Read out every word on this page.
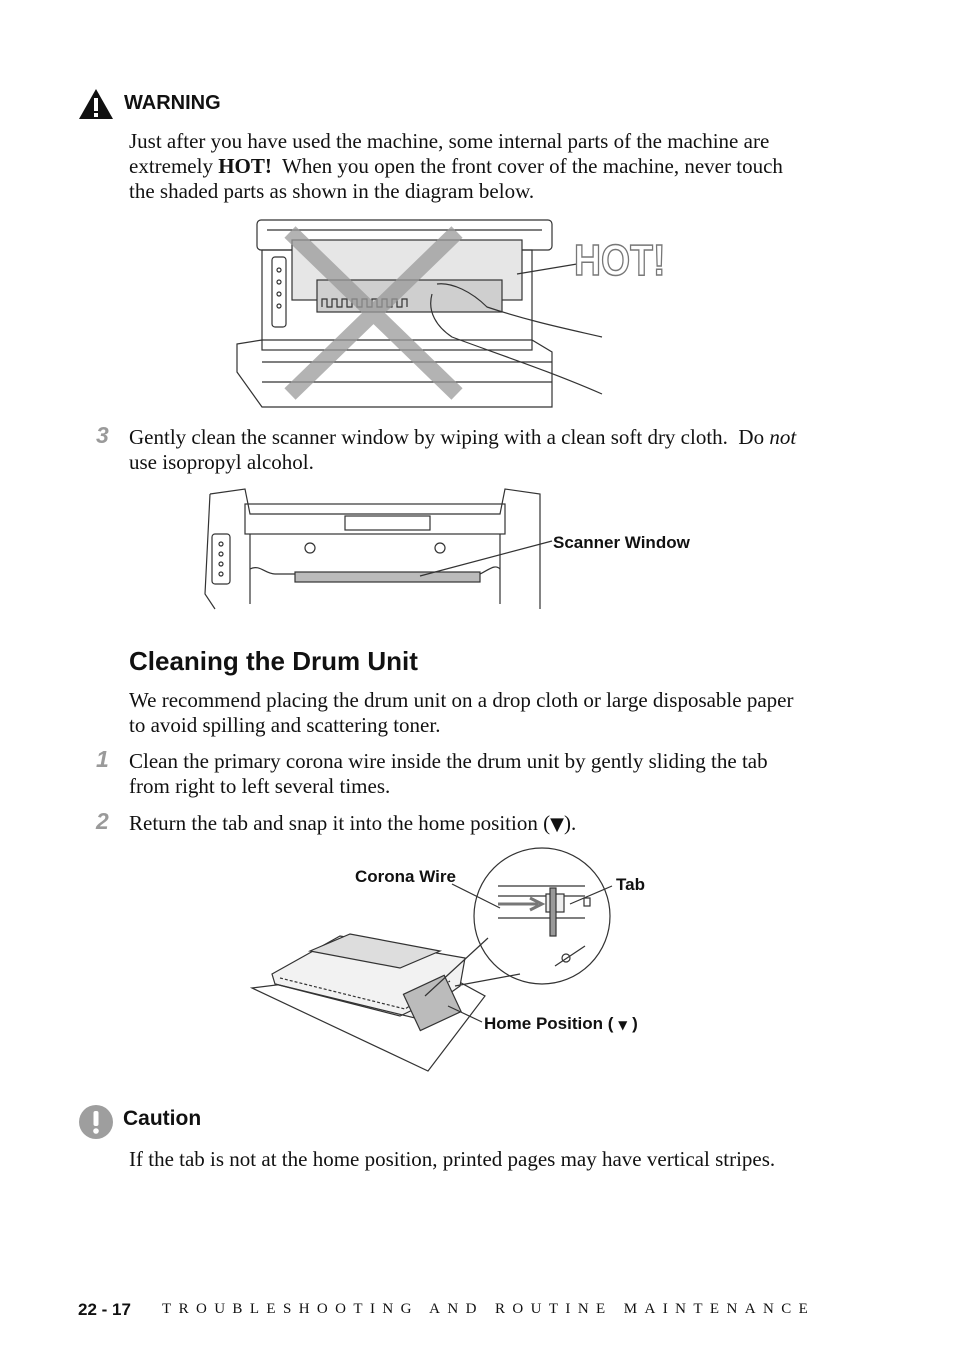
WARNING

Just after you have used the machine, some internal parts of the machine are

extremely HOT!  When you open the front cover of the machine, never touch

the shaded parts as shown in the diagram below.

HOT!
3 Gently clean the scanner window by wiping with a clean soft dry cloth.  Do not

use isopropyl alcohol.

Scanner Window
Cleaning the Drum Unit

We recommend placing the drum unit on a drop cloth or large disposable paper

to avoid spilling and scattering toner.

1 Clean the primary corona wire inside the drum unit by gently sliding the tab

from right to left several times.

2 Return the tab and snap it into the home position (▼).
Corona Wire	Tab
Home Position ( ▼ )
Caution
If the tab is not at the home position, printed pages may have vertical stripes.
22 - 17 TROUBLESHOOTING AND ROUTINE MAINTENANCE
